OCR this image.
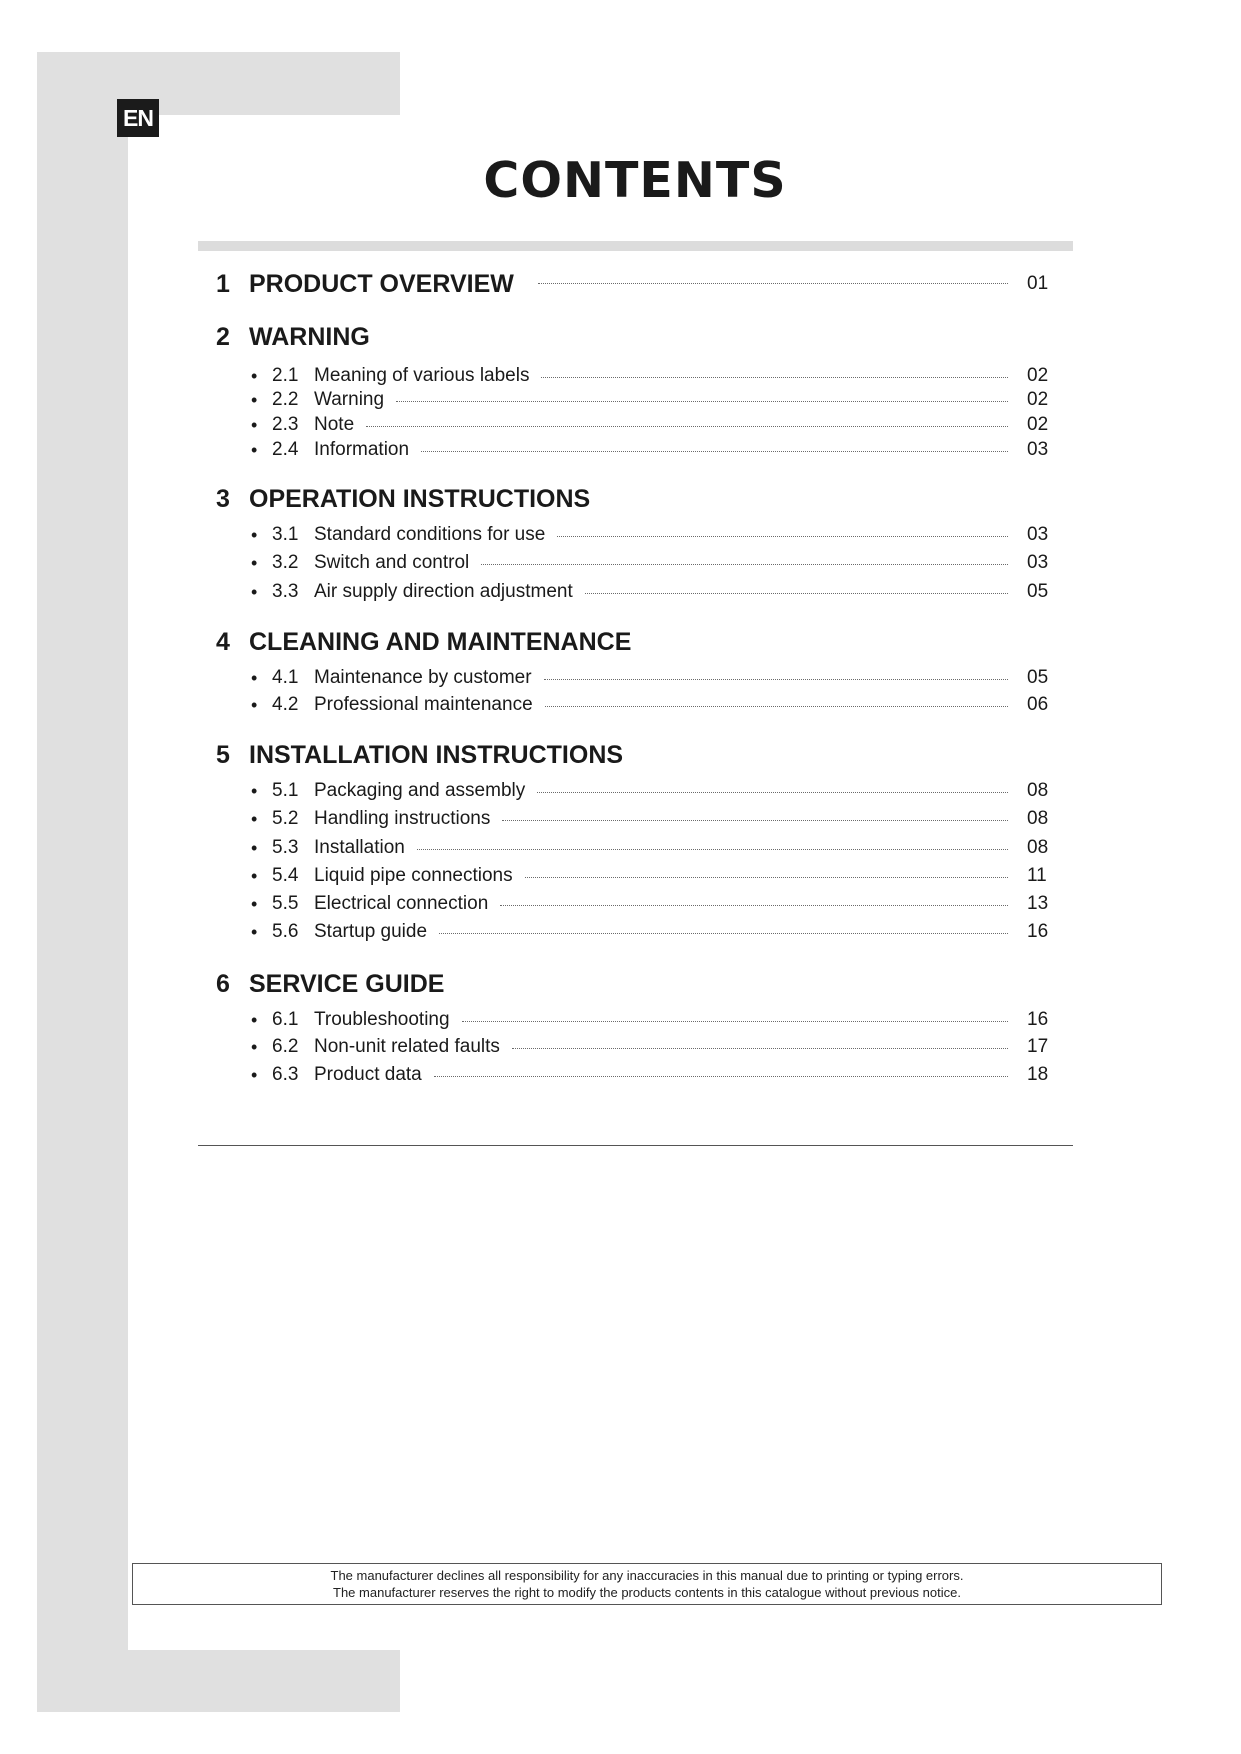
EN
CONTENTS
1 PRODUCT OVERVIEW	01
2 WARNING
• 2.1 Meaning of various labels	02
• 2.2 Warning	02
• 2.3 Note	02
• 2.4 Information	03
3 OPERATION INSTRUCTIONS
• 3.1 Standard conditions for use	03
• 3.2 Switch and control	03
• 3.3 Air supply direction adjustment	05
4 CLEANING AND MAINTENANCE
• 4.1 Maintenance by customer	05
• 4.2 Professional maintenance	06
5 INSTALLATION INSTRUCTIONS
• 5.1 Packaging and assembly	08
• 5.2 Handling instructions	08
• 5.3 Installation	08
• 5.4 Liquid pipe connections	11
• 5.5 Electrical connection	13
• 5.6 Startup guide	16
6 SERVICE GUIDE
• 6.1 Troubleshooting	16
• 6.2 Non-unit related faults	17
• 6.3 Product data	18
The manufacturer declines all responsibility for any inaccuracies in this manual due to printing or typing errors.
The manufacturer reserves the right to modify the products contents in this catalogue without previous notice.
